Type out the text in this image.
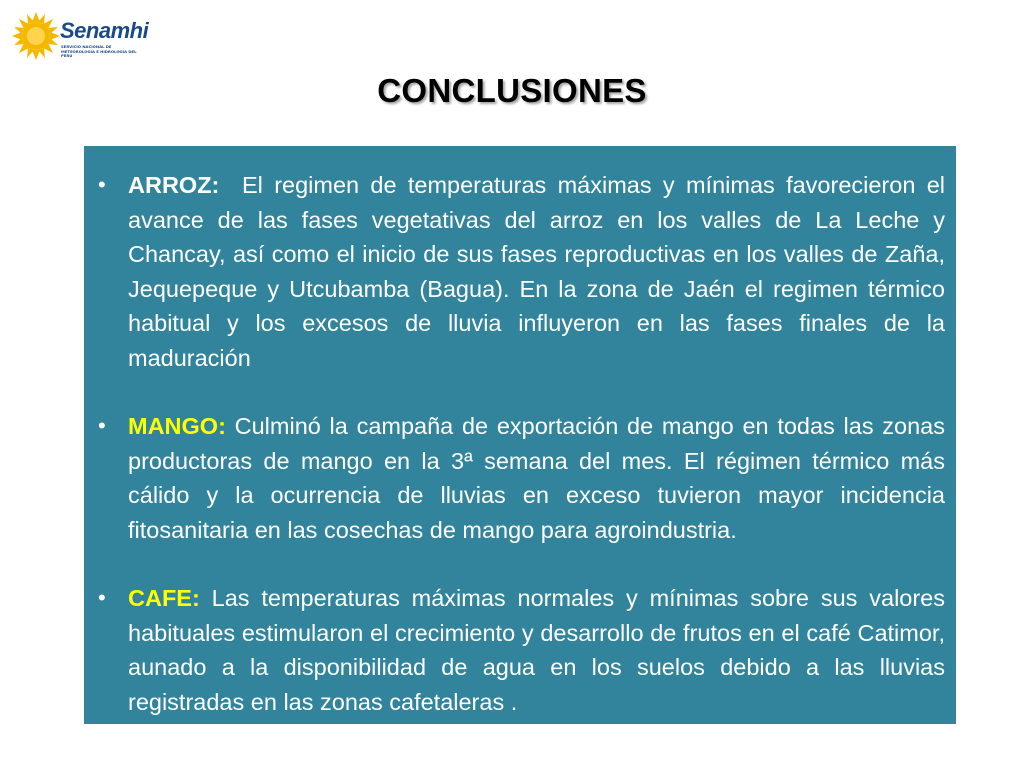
Senamhi
SERVICIO NACIONAL DE METEOROLOGIA E HIDROLOGIA DEL PERU
CONCLUSIONES
• ARROZ: El regimen de temperaturas máximas y mínimas favorecieron el avance de las fases vegetativas del arroz en los valles de La Leche y Chancay, así como el inicio de sus fases reproductivas en los valles de Zaña, Jequepeque y Utcubamba (Bagua). En la zona de Jaén el regimen térmico habitual y los excesos de lluvia influyeron en las fases finales de la maduración
• MANGO: Culminó la campaña de exportación de mango en todas las zonas productoras de mango en la 3ª semana del mes. El régimen térmico más cálido y la ocurrencia de lluvias en exceso tuvieron mayor incidencia fitosanitaria en las cosechas de mango para agroindustria.
• CAFE: Las temperaturas máximas normales y mínimas sobre sus valores habituales estimularon el crecimiento y desarrollo de frutos en el café Catimor, aunado a la disponibilidad de agua en los suelos debido a las lluvias registradas en las zonas cafetaleras .
